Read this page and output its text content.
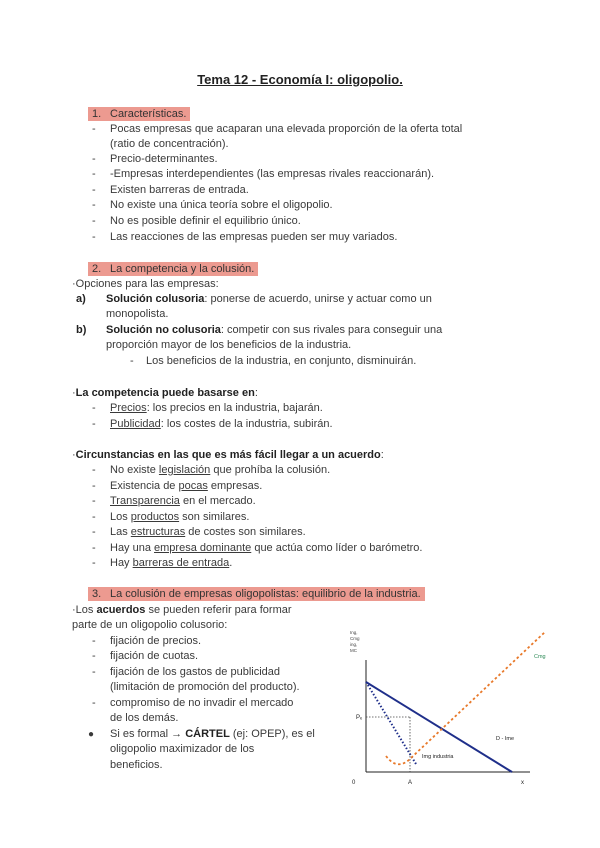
Tema 12 - Economía I: oligopolio.
1. Características.
- Pocas empresas que acaparan una elevada proporción de la oferta total
(ratio de concentración).
- Precio-determinantes.
- -Empresas interdependientes (las empresas rivales reaccionarán).
- Existen barreras de entrada.
- No existe una única teoría sobre el oligopolio.
- No es posible definir el equilibrio único.
- Las reacciones de las empresas pueden ser muy variados.
2. La competencia y la colusión.
·Opciones para las empresas:
a) Solución colusoria: ponerse de acuerdo, unirse y actuar como un
monopolista.
b) Solución no colusoria: competir con sus rivales para conseguir una
proporción mayor de los beneficios de la industria.
- Los beneficios de la industria, en conjunto, disminuirán.
·La competencia puede basarse en:
- Precios: los precios en la industria, bajarán.
- Publicidad: los costes de la industria, subirán.
·Circunstancias en las que es más fácil llegar a un acuerdo:
- No existe legislación que prohíba la colusión.
- Existencia de pocas empresas.
- Transparencia en el mercado.
- Los productos son similares.
- Las estructuras de costes son similares.
- Hay una empresa dominante que actúa como líder o barómetro.
- Hay barreras de entrada.
3. La colusión de empresas oligopolistas: equilibrio de la industria.
·Los acuerdos se pueden referir para formar
parte de un oligopolio colusorio:
- fijación de precios.
- fijación de cuotas.
- fijación de los gastos de publicidad
(limitación de promoción del producto).
- compromiso de no invadir el mercado
de los demás.
● Si es formal → CÁRTEL (ej: OPEP), es el
oligopolio maximizador de los
beneficios.
Ing,
Cmg
ing,
MC
Pₑ
0	A	x
Cmg
D - Ime
Img industria
